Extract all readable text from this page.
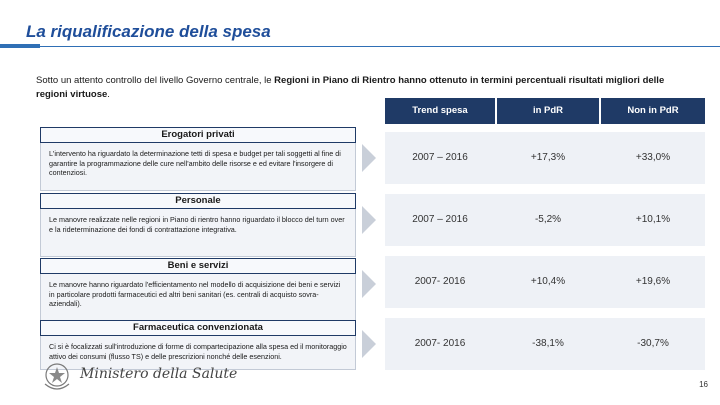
La riqualificazione della spesa
Sotto un attento controllo del livello Governo centrale, le Regioni in Piano di Rientro hanno ottenuto in termini percentuali risultati migliori delle regioni virtuose.
Erogatori privati
L'intervento ha riguardato la determinazione tetti di spesa e budget per tali soggetti al fine di garantire la programmazione delle cure nell'ambito delle risorse e ed evitare l'insorgere di contenziosi.
Personale
Le manovre realizzate nelle regioni in Piano di rientro hanno riguardato il blocco del turn over e la rideterminazione dei fondi di contrattazione integrativa.
Beni e servizi
Le manovre hanno riguardato l'efficientamento nel modello di acquisizione dei beni e servizi in particolare prodotti farmaceutici ed altri beni sanitari (es. centrali di acquisto sovra-aziendali).
Farmaceutica convenzionata
Ci si è focalizzati sull'introduzione di forme di compartecipazione alla spesa ed il monitoraggio attivo dei consumi (flusso TS) e delle prescrizioni nonché delle esenzioni.
Trend spesa	in PdR	Non in PdR
2007 – 2016	+17,3%	+33,0%
2007 – 2016	-5,2%	+10,1%
2007- 2016	+10,4%	+19,6%
2007- 2016	-38,1%	-30,7%
Ministero della Salute
16
